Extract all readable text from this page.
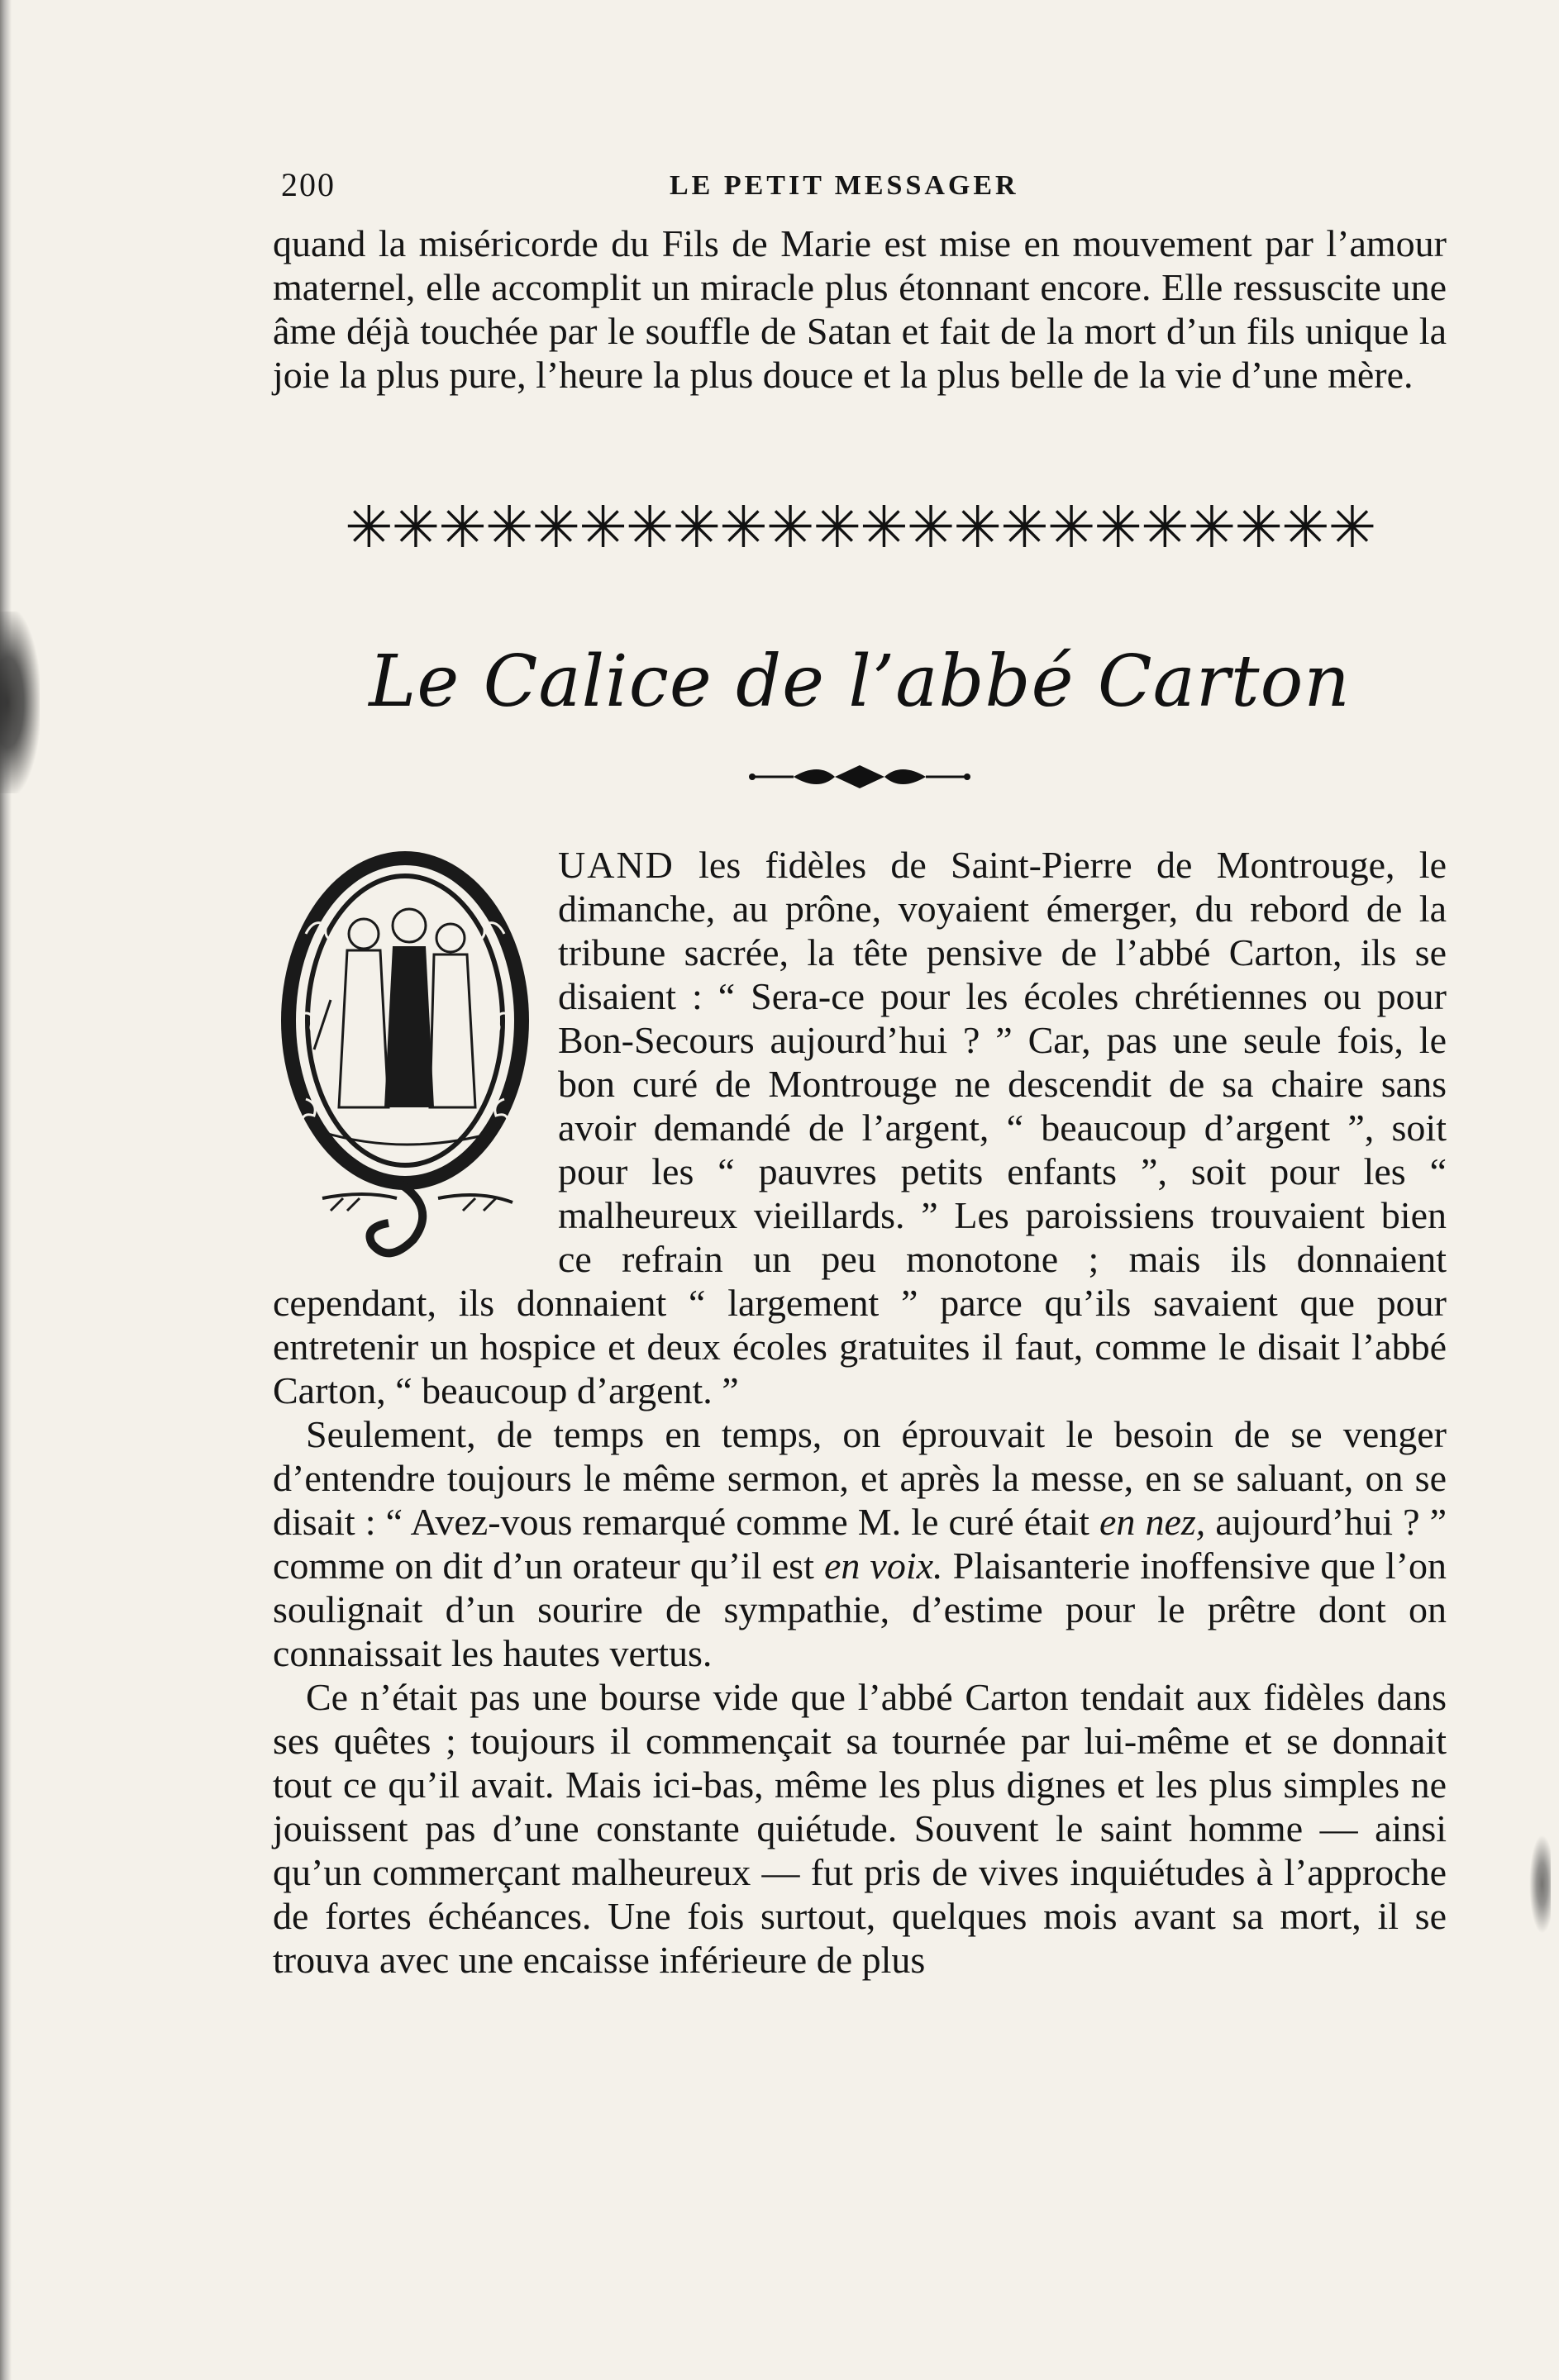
200	LE PETIT MESSAGER

quand la miséricorde du Fils de Marie est mise en mouvement par l’amour maternel, elle accomplit un miracle plus étonnant encore. Elle ressuscite une âme déjà touchée par le souffle de Satan et fait de la mort d’un fils unique la joie la plus pure, l’heure la plus douce et la plus belle de la vie d’une mère.

✳✳✳✳✳✳✳✳✳✳✳✳✳✳✳✳✳✳✳✳✳✳
Le Calice de l’abbé Carton

UAND les fidèles de Saint-Pierre de Montrouge, le dimanche, au prône, voyaient émerger, du rebord de la tribune sacrée, la tête pensive de l’abbé Carton, ils se disaient : “ Sera-ce pour les écoles chrétiennes ou pour Bon-Secours aujourd’hui ? ” Car, pas une seule fois, le bon curé de Montrouge ne descendit de sa chaire sans avoir demandé de l’argent, “ beaucoup d’argent ”, soit pour les “ pauvres petits enfants ”, soit pour les “ malheureux vieillards. ” Les paroissiens trouvaient bien ce refrain un peu monotone ; mais ils donnaient cependant, ils donnaient “ largement ” parce qu’ils savaient que pour entretenir un hospice et deux écoles gratuites il faut, comme le disait l’abbé Carton, “ beaucoup d’argent. ”

Seulement, de temps en temps, on éprouvait le besoin de se venger d’entendre toujours le même sermon, et après la messe, en se saluant, on se disait : “ Avez-vous remarqué comme M. le curé était en nez, aujourd’hui ? ” comme on dit d’un orateur qu’il est en voix. Plaisanterie inoffensive que l’on soulignait d’un sourire de sympathie, d’estime pour le prêtre dont on connaissait les hautes vertus.

Ce n’était pas une bourse vide que l’abbé Carton tendait aux fidèles dans ses quêtes ; toujours il commençait sa tournée par lui-même et se donnait tout ce qu’il avait. Mais ici-bas, même les plus dignes et les plus simples ne jouissent pas d’une constante quiétude. Souvent le saint homme — ainsi qu’un commerçant malheureux — fut pris de vives inquiétudes à l’approche de fortes échéances. Une fois surtout, quelques mois avant sa mort, il se trouva avec une encaisse inférieure de plus
